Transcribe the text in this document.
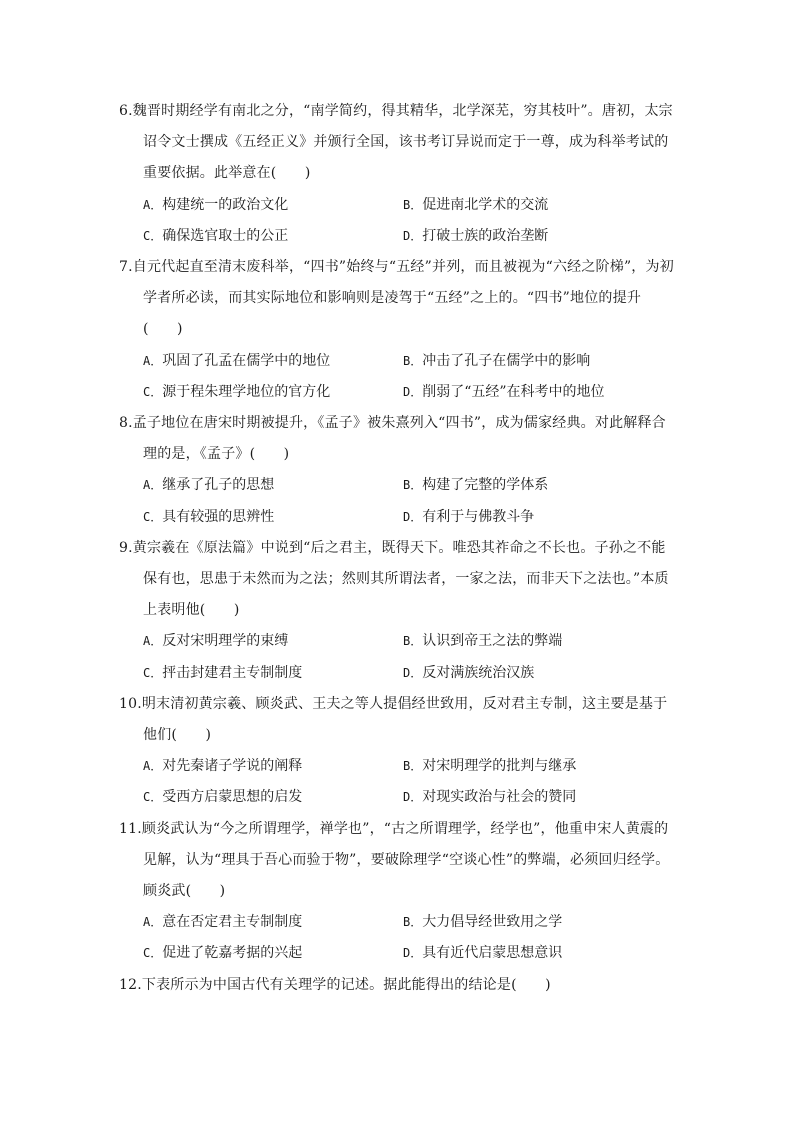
6.魏晋时期经学有南北之分，“南学简约，得其精华，北学深芜，穷其枝叶”。唐初，太宗诏令文士撰成《五经正义》并颁行全国，该书考订异说而定于一尊，成为科举考试的重要依据。此举意在(　　)

A．构建统一的政治文化	B．促进南北学术的交流
C．确保选官取士的公正	D．打破士族的政治垄断

7.自元代起直至清末废科举，“四书”始终与“五经”并列，而且被视为“六经之阶梯”，为初学者所必读，而其实际地位和影响则是凌驾于“五经”之上的。“四书”地位的提升(　　)

A．巩固了孔孟在儒学中的地位	B．冲击了孔子在儒学中的影响
C．源于程朱理学地位的官方化	D．削弱了“五经”在科考中的地位

8.孟子地位在唐宋时期被提升，《孟子》被朱熹列入“四书”，成为儒家经典。对此解释合理的是，《孟子》(　　)

A．继承了孔子的思想	B．构建了完整的学体系
C．具有较强的思辨性	D．有利于与佛教斗争

9.黄宗羲在《原法篇》中说到“后之君主，既得天下。唯恐其祚命之不长也。子孙之不能保有也，思患于未然而为之法；然则其所谓法者，一家之法，而非天下之法也。”本质上表明他(　　)

A．反对宋明理学的束缚	B．认识到帝王之法的弊端
C．抨击封建君主专制制度	D．反对满族统治汉族

10.明末清初黄宗羲、顾炎武、王夫之等人提倡经世致用，反对君主专制，这主要是基于他们(　　)

A．对先秦诸子学说的阐释	B．对宋明理学的批判与继承
C．受西方启蒙思想的启发	D．对现实政治与社会的赞同

11.顾炎武认为“今之所谓理学，禅学也”，“古之所谓理学，经学也”，他重申宋人黄震的见解，认为“理具于吾心而验于物”，要破除理学“空谈心性”的弊端，必须回归经学。顾炎武(　　)

A．意在否定君主专制制度	B．大力倡导经世致用之学
C．促进了乾嘉考据的兴起	D．具有近代启蒙思想意识

12.下表所示为中国古代有关理学的记述。据此能得出的结论是(　　)
